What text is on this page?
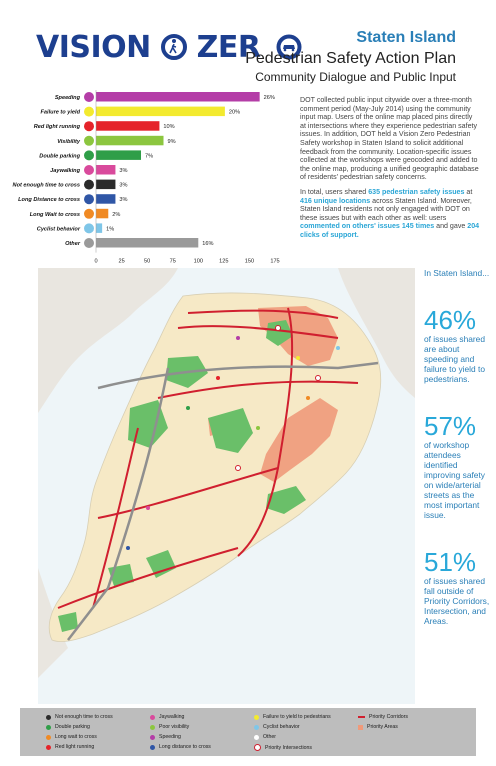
VISION ZER	Staten Island
Pedestrian Safety Action Plan
Community Dialogue and Public Input
Speeding	26%
Failure to yield	20%
Red light running	10%
Visibility	9%
Double parking	7%
Jaywalking	3%
Not enough time to cross	3%
Long Distance to cross	3%
Long Wait to cross	2%
Cyclist behavior	1%
Other	16%
0	25	50	75	100	125	150	175

DOT collected public input citywide over a three-month comment period (May-July 2014) using the community input map. Users of the online map placed pins directly at intersections where they experience pedestrian safety issues. In addition, DOT held a Vision Zero Pedestrian Safety workshop in Staten Island to solicit additional feedback from the community. Location-specific issues collected at the workshops were geocoded and added to the online map, producing a unified geographic database of residents' pedestrian safety concerns.

In total, users shared 635 pedestrian safety issues at 416 unique locations across Staten Island. Moreover, Staten Island residents not only engaged with DOT on these issues but with each other as well: users commented on others' issues 145 times and gave 204 clicks of support.

In Staten Island...
46%
of issues shared are about speeding and failure to yield to pedestrians.
57%
of workshop attendees identified improving safety on wide/arterial streets as the most important issue.
51%
of issues shared fall outside of Priority Corridors, Intersection, and Areas.
Not enough time to cross
Double parking
Long wait to cross
Red light running
Jaywalking
Poor visibility
Speeding
Long distance to cross
Failure to yield to pedestrians
Cyclist behavior
Other
Priority Intersections
Priority Corridors
Priority Areas
